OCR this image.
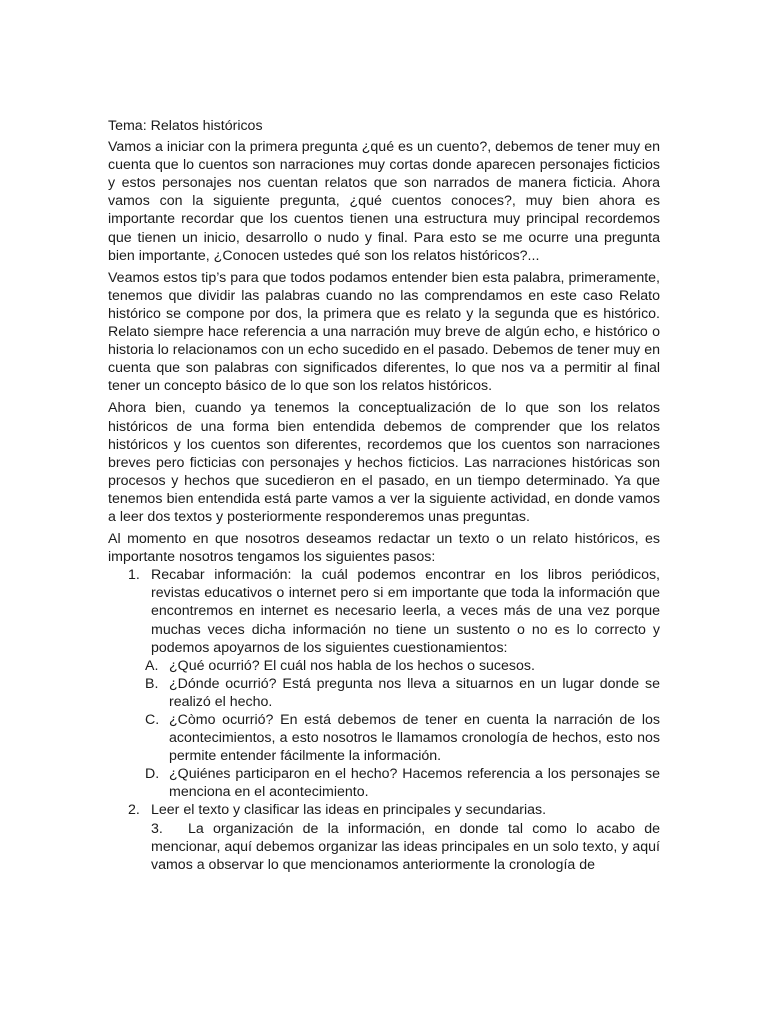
Tema: Relatos históricos

Vamos a iniciar con la primera pregunta ¿qué es un cuento?, debemos de tener muy en cuenta que lo cuentos son narraciones muy cortas donde aparecen personajes ficticios y estos personajes nos cuentan relatos que son narrados de manera ficticia. Ahora vamos con la siguiente pregunta, ¿qué cuentos conoces?, muy bien ahora es importante recordar que los cuentos tienen una estructura muy principal recordemos que tienen un inicio, desarrollo o nudo y final. Para esto se me ocurre una pregunta bien importante, ¿Conocen ustedes qué son los relatos históricos?...

Veamos estos tip’s para que todos podamos entender bien esta palabra, primeramente, tenemos que dividir las palabras cuando no las comprendamos en este caso Relato histórico se compone por dos, la primera que es relato y la segunda que es histórico. Relato siempre hace referencia a una narración muy breve de algún echo, e histórico o historia lo relacionamos con un echo sucedido en el pasado. Debemos de tener muy en cuenta que son palabras con significados diferentes, lo que nos va a permitir al final tener un concepto básico de lo que son los relatos históricos.

Ahora bien, cuando ya tenemos la conceptualización de lo que son los relatos históricos de una forma bien entendida debemos de comprender que los relatos históricos y los cuentos son diferentes, recordemos que los cuentos son narraciones breves pero ficticias con personajes y hechos ficticios. Las narraciones históricas son procesos y hechos que sucedieron en el pasado, en un tiempo determinado. Ya que tenemos bien entendida está parte vamos a ver la siguiente actividad, en donde vamos a leer dos textos y posteriormente responderemos unas preguntas.

Al momento en que nosotros deseamos redactar un texto o un relato históricos, es importante nosotros tengamos los siguientes pasos:

1. Recabar información: la cuál podemos encontrar en los libros periódicos, revistas educativos o internet pero si em importante que toda la información que encontremos en internet es necesario leerla, a veces más de una vez porque muchas veces dicha información no tiene un sustento o no es lo correcto y podemos apoyarnos de los siguientes cuestionamientos:
A. ¿Qué ocurrió? El cuál nos habla de los hechos o sucesos.
B. ¿Dónde ocurrió? Está pregunta nos lleva a situarnos en un lugar donde se realizó el hecho.
C. ¿Còmo ocurrió? En está debemos de tener en cuenta la narración de los acontecimientos, a esto nosotros le llamamos cronología de hechos, esto nos permite entender fácilmente la información.
D. ¿Quiénes participaron en el hecho? Hacemos referencia a los personajes se menciona en el acontecimiento.
2. Leer el texto y clasificar las ideas en principales y secundarias.

3. La organización de la información, en donde tal como lo acabo de mencionar, aquí debemos organizar las ideas principales en un solo texto, y aquí vamos a observar lo que mencionamos anteriormente la cronología de
